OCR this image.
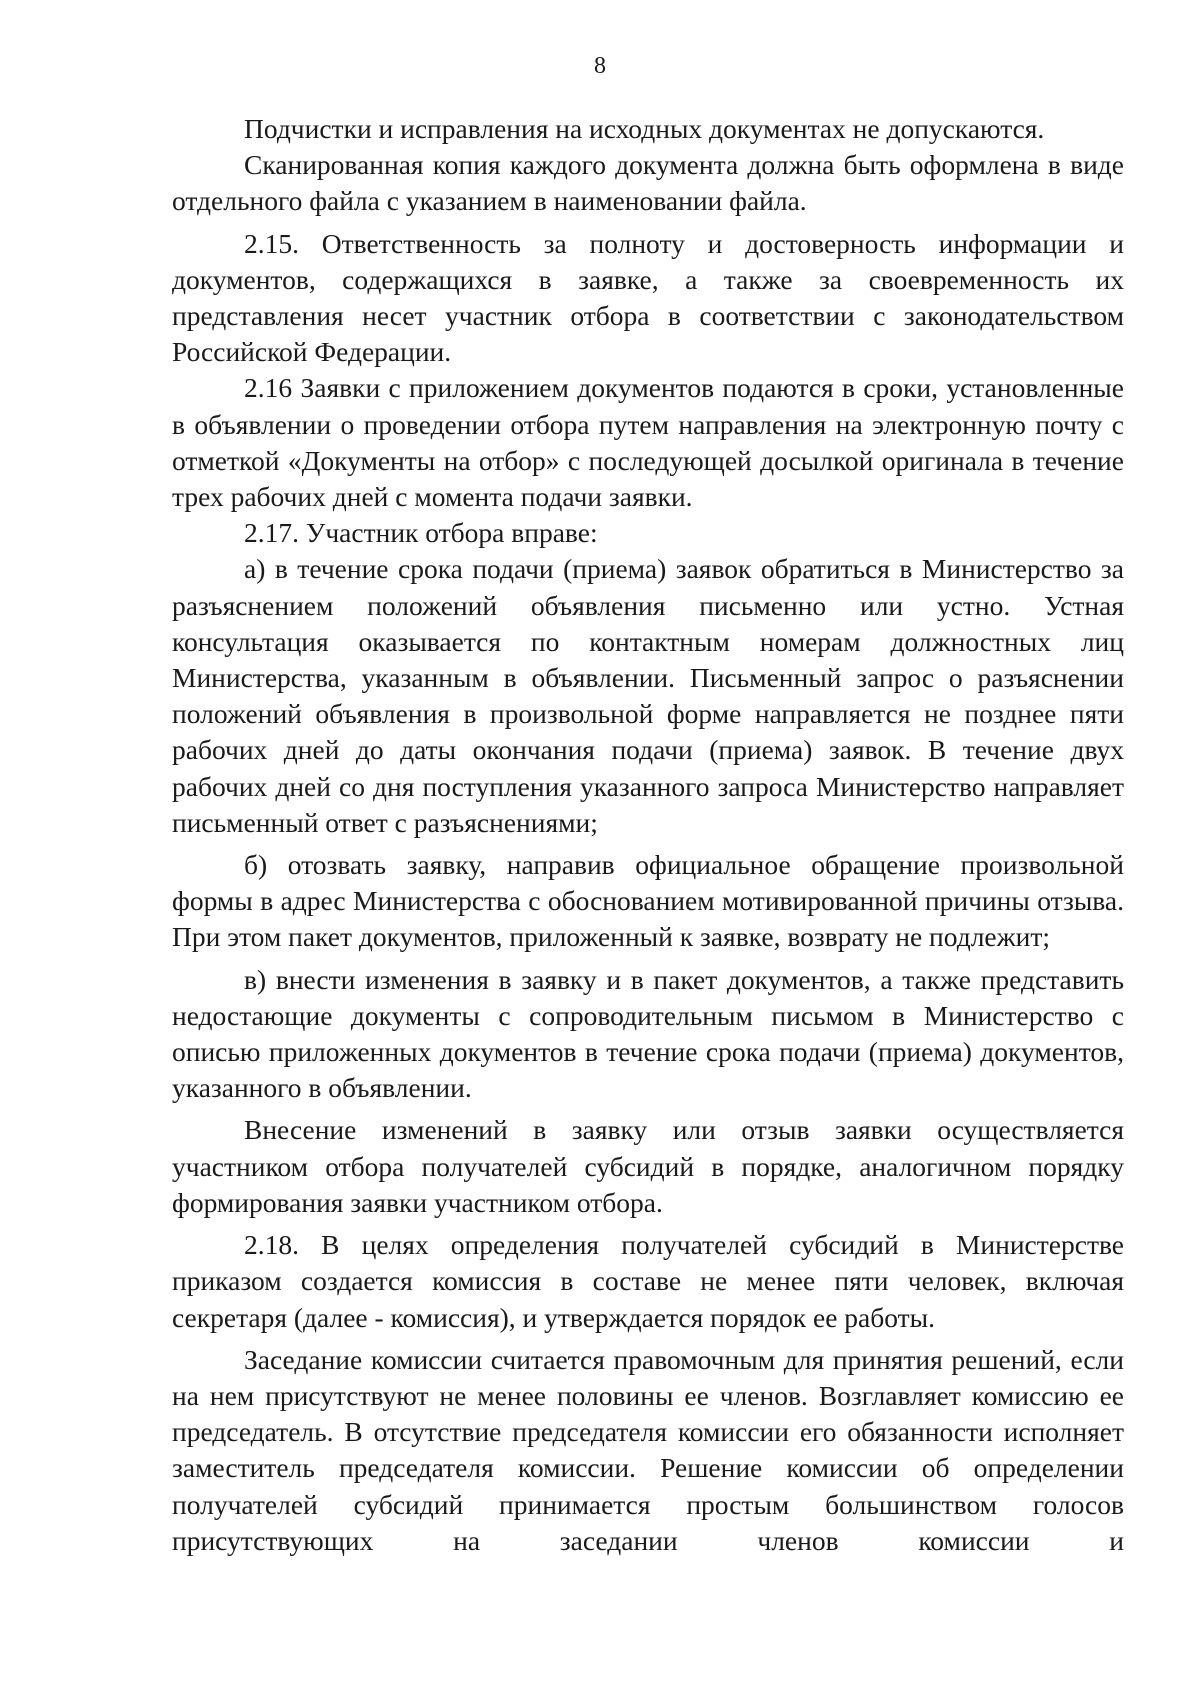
8

Подчистки и исправления на исходных документах не допускаются.

Сканированная копия каждого документа должна быть оформлена в виде отдельного файла с указанием в наименовании файла.

2.15. Ответственность за полноту и достоверность информации и документов, содержащихся в заявке, а также за своевременность их представления несет участник отбора в соответствии с законодательством Российской Федерации.

2.16 Заявки с приложением документов подаются в сроки, установленные в объявлении о проведении отбора путем направления на электронную почту с отметкой «Документы на отбор» с последующей досылкой оригинала в течение трех рабочих дней с момента подачи заявки.

2.17. Участник отбора вправе:

а) в течение срока подачи (приема) заявок обратиться в Министерство за разъяснением положений объявления письменно или устно. Устная консультация оказывается по контактным номерам должностных лиц Министерства, указанным в объявлении. Письменный запрос о разъяснении положений объявления в произвольной форме направляется не позднее пяти рабочих дней до даты окончания подачи (приема) заявок. В течение двух рабочих дней со дня поступления указанного запроса Министерство направляет письменный ответ с разъяснениями;

б) отозвать заявку, направив официальное обращение произвольной формы в адрес Министерства с обоснованием мотивированной причины отзыва. При этом пакет документов, приложенный к заявке, возврату не подлежит;

в) внести изменения в заявку и в пакет документов, а также представить недостающие документы с сопроводительным письмом в Министерство с описью приложенных документов в течение срока подачи (приема) документов, указанного в объявлении.

Внесение изменений в заявку или отзыв заявки осуществляется участником отбора получателей субсидий в порядке, аналогичном порядку формирования заявки участником отбора.

2.18. В целях определения получателей субсидий в Министерстве приказом создается комиссия в составе не менее пяти человек, включая секретаря (далее - комиссия), и утверждается порядок ее работы.

Заседание комиссии считается правомочным для принятия решений, если на нем присутствуют не менее половины ее членов. Возглавляет комиссию ее председатель. В отсутствие председателя комиссии его обязанности исполняет заместитель председателя комиссии. Решение комиссии об определении получателей субсидий принимается простым большинством голосов присутствующих на заседании членов комиссии и
